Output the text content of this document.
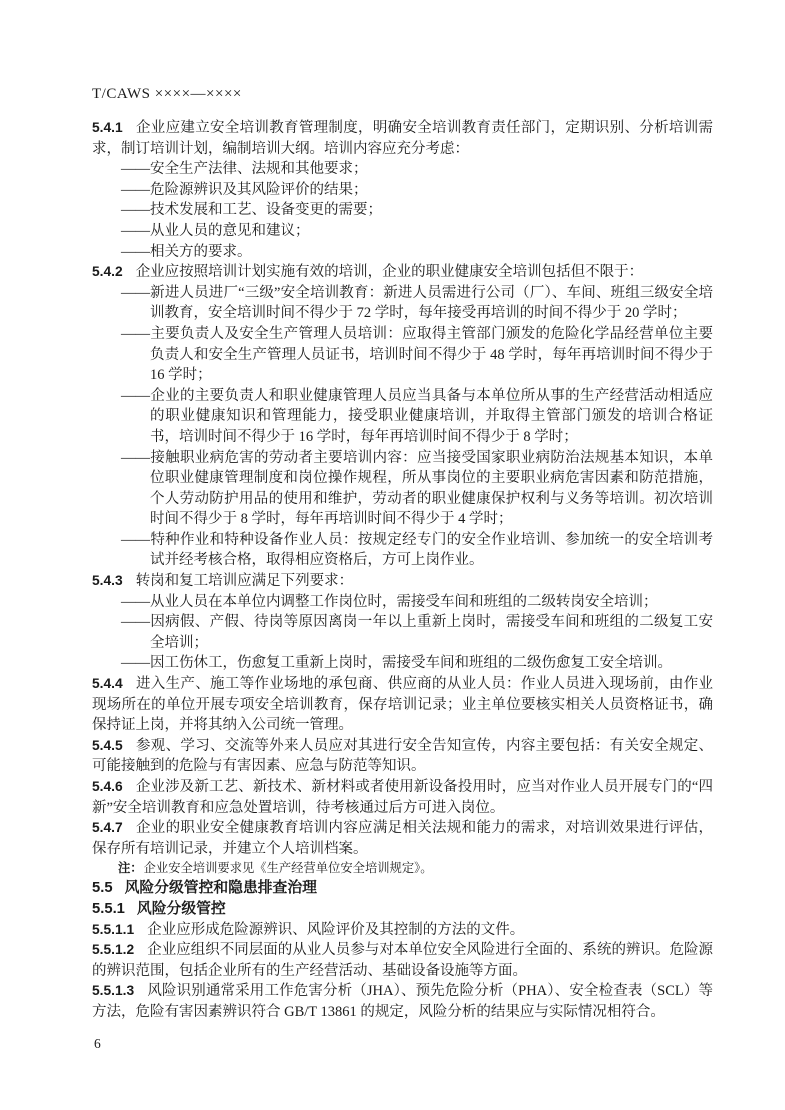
T/CAWS ××××—××××

5.4.1 企业应建立安全培训教育管理制度，明确安全培训教育责任部门，定期识别、分析培训需求，制订培训计划，编制培训大纲。培训内容应充分考虑：

——安全生产法律、法规和其他要求；

——危险源辨识及其风险评价的结果；

——技术发展和工艺、设备变更的需要；

——从业人员的意见和建议；

——相关方的要求。

5.4.2 企业应按照培训计划实施有效的培训，企业的职业健康安全培训包括但不限于：

——新进人员进厂“三级”安全培训教育：新进人员需进行公司（厂）、车间、班组三级安全培训教育，安全培训时间不得少于 72 学时，每年接受再培训的时间不得少于 20 学时；

——主要负责人及安全生产管理人员培训：应取得主管部门颁发的危险化学品经营单位主要负责人和安全生产管理人员证书，培训时间不得少于 48 学时，每年再培训时间不得少于 16 学时；

——企业的主要负责人和职业健康管理人员应当具备与本单位所从事的生产经营活动相适应的职业健康知识和管理能力，接受职业健康培训，并取得主管部门颁发的培训合格证书，培训时间不得少于 16 学时，每年再培训时间不得少于 8 学时；

——接触职业病危害的劳动者主要培训内容：应当接受国家职业病防治法规基本知识，本单位职业健康管理制度和岗位操作规程，所从事岗位的主要职业病危害因素和防范措施，个人劳动防护用品的使用和维护，劳动者的职业健康保护权利与义务等培训。初次培训时间不得少于 8 学时，每年再培训时间不得少于 4 学时；

——特种作业和特种设备作业人员：按规定经专门的安全作业培训、参加统一的安全培训考试并经考核合格，取得相应资格后，方可上岗作业。

5.4.3 转岗和复工培训应满足下列要求：

——从业人员在本单位内调整工作岗位时，需接受车间和班组的二级转岗安全培训；

——因病假、产假、待岗等原因离岗一年以上重新上岗时，需接受车间和班组的二级复工安全培训；

——因工伤休工，伤愈复工重新上岗时，需接受车间和班组的二级伤愈复工安全培训。

5.4.4 进入生产、施工等作业场地的承包商、供应商的从业人员：作业人员进入现场前，由作业现场所在的单位开展专项安全培训教育，保存培训记录；业主单位要核实相关人员资格证书，确保持证上岗，并将其纳入公司统一管理。

5.4.5 参观、学习、交流等外来人员应对其进行安全告知宣传，内容主要包括：有关安全规定、可能接触到的危险与有害因素、应急与防范等知识。

5.4.6 企业涉及新工艺、新技术、新材料或者使用新设备投用时，应当对作业人员开展专门的“四新”安全培训教育和应急处置培训，待考核通过后方可进入岗位。

5.4.7 企业的职业安全健康教育培训内容应满足相关法规和能力的需求，对培训效果进行评估，保存所有培训记录，并建立个人培训档案。

注：企业安全培训要求见《生产经营单位安全培训规定》。

5.5 风险分级管控和隐患排查治理

5.5.1 风险分级管控

5.5.1.1 企业应形成危险源辨识、风险评价及其控制的方法的文件。

5.5.1.2 企业应组织不同层面的从业人员参与对本单位安全风险进行全面的、系统的辨识。危险源的辨识范围，包括企业所有的生产经营活动、基础设备设施等方面。

5.5.1.3 风险识别通常采用工作危害分析（JHA）、预先危险分析（PHA）、安全检查表（SCL）等方法，危险有害因素辨识符合 GB/T 13861 的规定，风险分析的结果应与实际情况相符合。

6
